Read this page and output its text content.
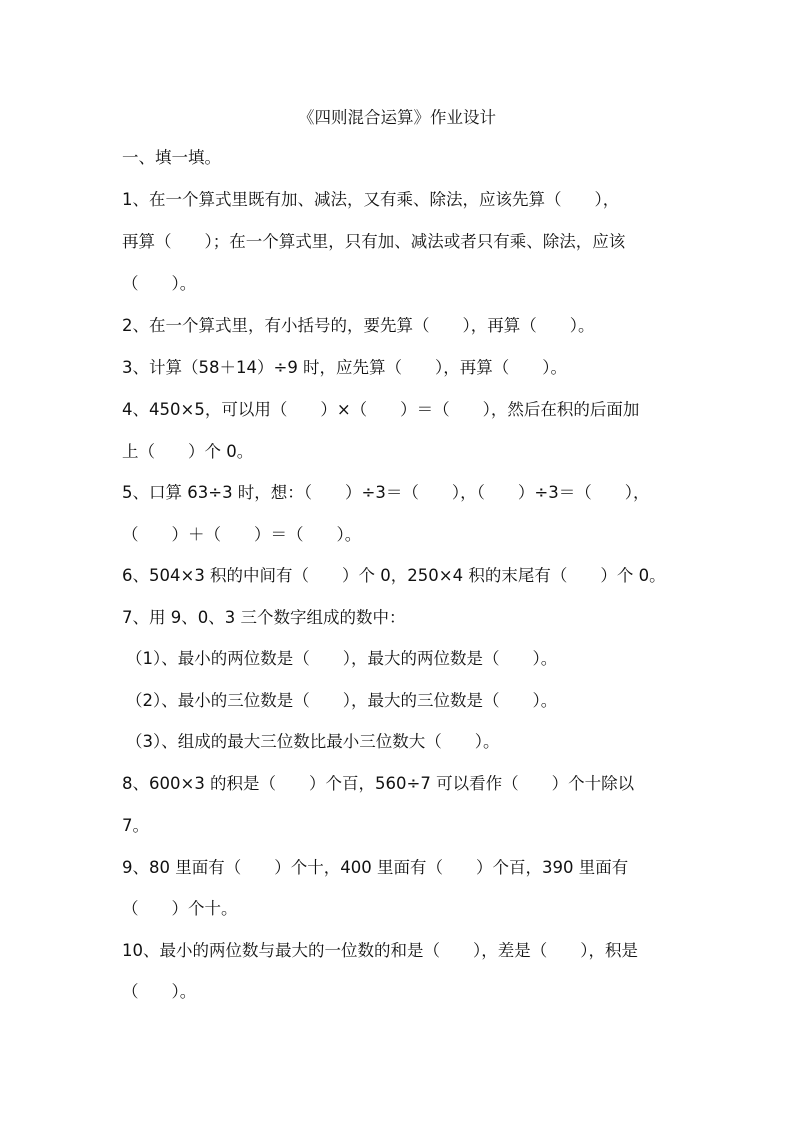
《四则混合运算》作业设计
一、填一填。
1、在一个算式里既有加、减法，又有乘、除法，应该先算（　　），
再算（　　）；在一个算式里，只有加、减法或者只有乘、除法，应该
（　　）。
2、在一个算式里，有小括号的，要先算（　　），再算（　　）。
3、计算（58＋14）÷9 时，应先算（　　），再算（　　）。
4、450×5，可以用（　　）×（　　）＝（　　），然后在积的后面加
上（　　）个 0。
5、口算 63÷3 时，想：（　　）÷3＝（　　），（　　）÷3＝（　　），
（　　）＋（　　）＝（　　）。
6、504×3 积的中间有（　　）个 0，250×4 积的末尾有（　　）个 0。
7、用 9、0、3 三个数字组成的数中：
（1）、最小的两位数是（　　），最大的两位数是（　　）。
（2）、最小的三位数是（　　），最大的三位数是（　　）。
（3）、组成的最大三位数比最小三位数大（　　）。
8、600×3 的积是（　　）个百，560÷7 可以看作（　　）个十除以
7。
9、80 里面有（　　）个十，400 里面有（　　）个百，390 里面有
（　　）个十。
10、最小的两位数与最大的一位数的和是（　　），差是（　　），积是
（　　）。
